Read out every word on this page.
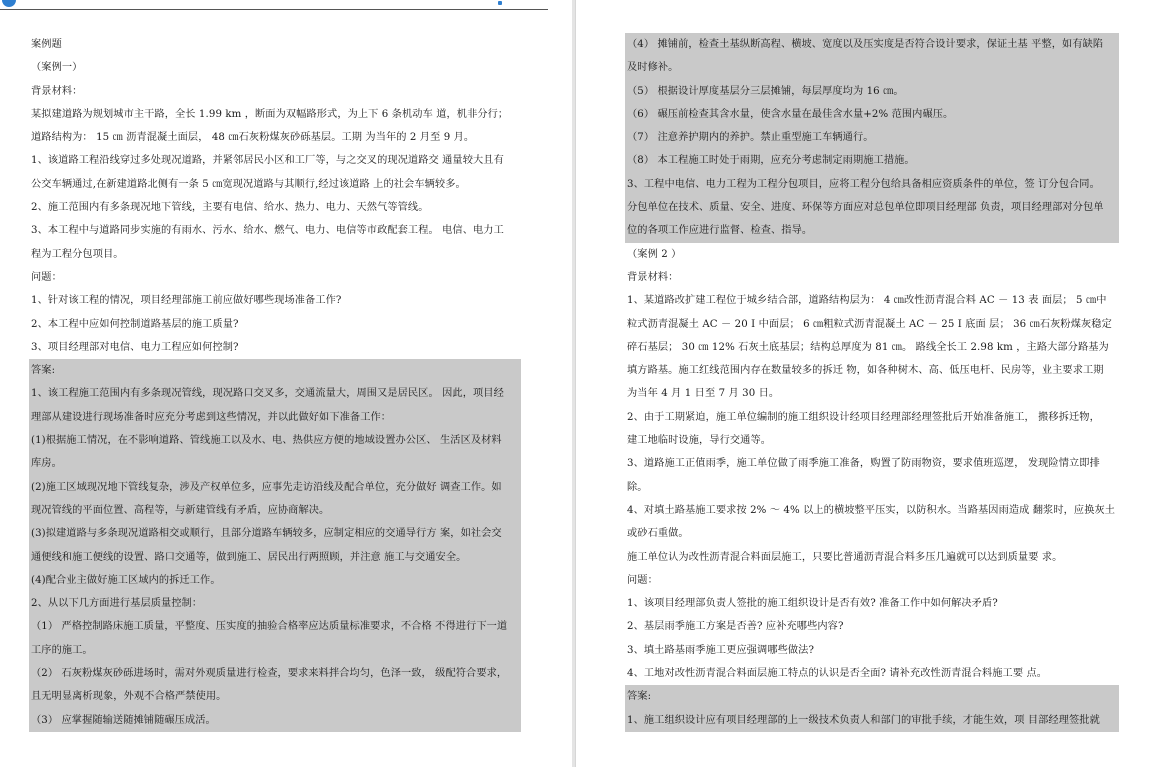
案例题
（案例一）
背景材料：
某拟建道路为规划城市主干路，全长 1.99 km ，断面为双幅路形式，为上下 6 条机动车 道，机非分行；
道路结构为： 15 ㎝ 沥青混凝土面层， 48 ㎝石灰粉煤灰砂砾基层。工期 为当年的 2 月至 9 月。
1、该道路工程沿线穿过多处现况道路，并紧邻居民小区和工厂等，与之交叉的现况道路交 通量较大且有
公交车辆通过,在新建道路北侧有一条 5 ㎝宽现况道路与其顺行,经过该道路 上的社会车辆较多。
2、施工范围内有多条现况地下管线，主要有电信、给水、热力、电力、天然气等管线。
3、本工程中与道路同步实施的有雨水、污水、给水、燃气、电力、电信等市政配套工程。 电信、电力工
程为工程分包项目。
问题：
1、针对该工程的情况，项目经理部施工前应做好哪些现场准备工作?
2、本工程中应如何控制道路基层的施工质量?
3、项目经理部对电信、电力工程应如何控制?
答案:
1、该工程施工范围内有多条现况管线，现况路口交叉多，交通流量大，周围又是居民区。 因此，项目经
理部从建设进行现场准备时应充分考虑到这些情况，并以此做好如下准备工作：
(1)根据施工情况，在不影响道路、管线施工以及水、电、热供应方便的地域设置办公区、 生活区及材料
库房。
(2)施工区域现况地下管线复杂，涉及产权单位多，应事先走访沿线及配合单位，充分做好 调查工作。如
现况管线的平面位置、高程等，与新建管线有矛盾，应协商解决。
(3)拟建道路与多条现况道路相交或顺行，且部分道路车辆较多，应制定相应的交通导行方 案，如社会交
通便线和施工便线的设置、路口交通等，做到施工、居民出行两照顾，并注意 施工与交通安全。
(4)配合业主做好施工区域内的拆迁工作。
2、从以下几方面进行基层质量控制：
（1） 严格控制路床施工质量，平整度、压实度的抽验合格率应达质量标准要求，不合格 不得进行下一道
工序的施工。
（2） 石灰粉煤灰砂砾进场时，需对外观质量进行检查，要求来料拌合均匀，色泽一致， 级配符合要求，
且无明显离析现象，外观不合格严禁使用。
（3） 应掌握随输送随摊铺随碾压成活。
（4） 摊铺前，检查土基纵断高程、横坡、宽度以及压实度是否符合设计要求，保证土基 平整，如有缺陷
及时修补。
（5） 根据设计厚度基层分三层摊铺，每层厚度均为 16 ㎝。
（6） 碾压前检查其含水量，使含水量在最佳含水量+2% 范围内碾压。
（7） 注意养护期内的养护。禁止重型施工车辆通行。
（8） 本工程施工时处于雨期，应充分考虑制定雨期施工措施。
3、工程中电信、电力工程为工程分包项目，应将工程分包给具备相应资质条件的单位，签 订分包合同。
分包单位在技术、质量、安全、进度、环保等方面应对总包单位即项目经理部 负责，项目经理部对分包单
位的各项工作应进行监督、检查、指导。
（案例 2 ）
背景材料：
1、某道路改扩建工程位于城乡结合部，道路结构层为： 4 ㎝改性沥青混合料 AC － 13 表 面层； 5 ㎝中
粒式沥青混凝土 AC － 20 I 中面层； 6 ㎝粗粒式沥青混凝土 AC － 25 I 底面 层； 36 ㎝石灰粉煤灰稳定
碎石基层； 30 ㎝ 12% 石灰土底基层；结构总厚度为 81 ㎝。 路线全长工 2.98 km ，主路大部分路基为
填方路基。施工红线范围内存在数量较多的拆迁 物，如各种树木、高、低压电杆、民房等，业主要求工期
为当年 4 月 1 日至 7 月 30 日。
2、由于工期紧迫，施工单位编制的施工组织设计经项目经理部经理签批后开始准备施工， 搬移拆迁物，
建工地临时设施，导行交通等。
3、道路施工正值雨季，施工单位做了雨季施工准备，购置了防雨物资，要求值班巡逻， 发现险情立即排
除。
4、对填土路基施工要求按 2% ～ 4% 以上的横坡整平压实，以防积水。当路基因雨造成 翻浆时，应换灰土
或砂石重做。
施工单位认为改性沥青混合料面层施工，只要比普通沥青混合料多压几遍就可以达到质量要 求。
问题：
1、该项目经理部负责人签批的施工组织设计是否有效? 准备工作中如何解决矛盾?
2、基层雨季施工方案是否善? 应补充哪些内容?
3、填土路基雨季施工更应强调哪些做法?
4、工地对改性沥青混合料面层施工特点的认识是否全面? 请补充改性沥青混合料施工要 点。
答案:
1、施工组织设计应有项目经理部的上一级技术负责人和部门的审批手续，才能生效，项 目部经理签批就
